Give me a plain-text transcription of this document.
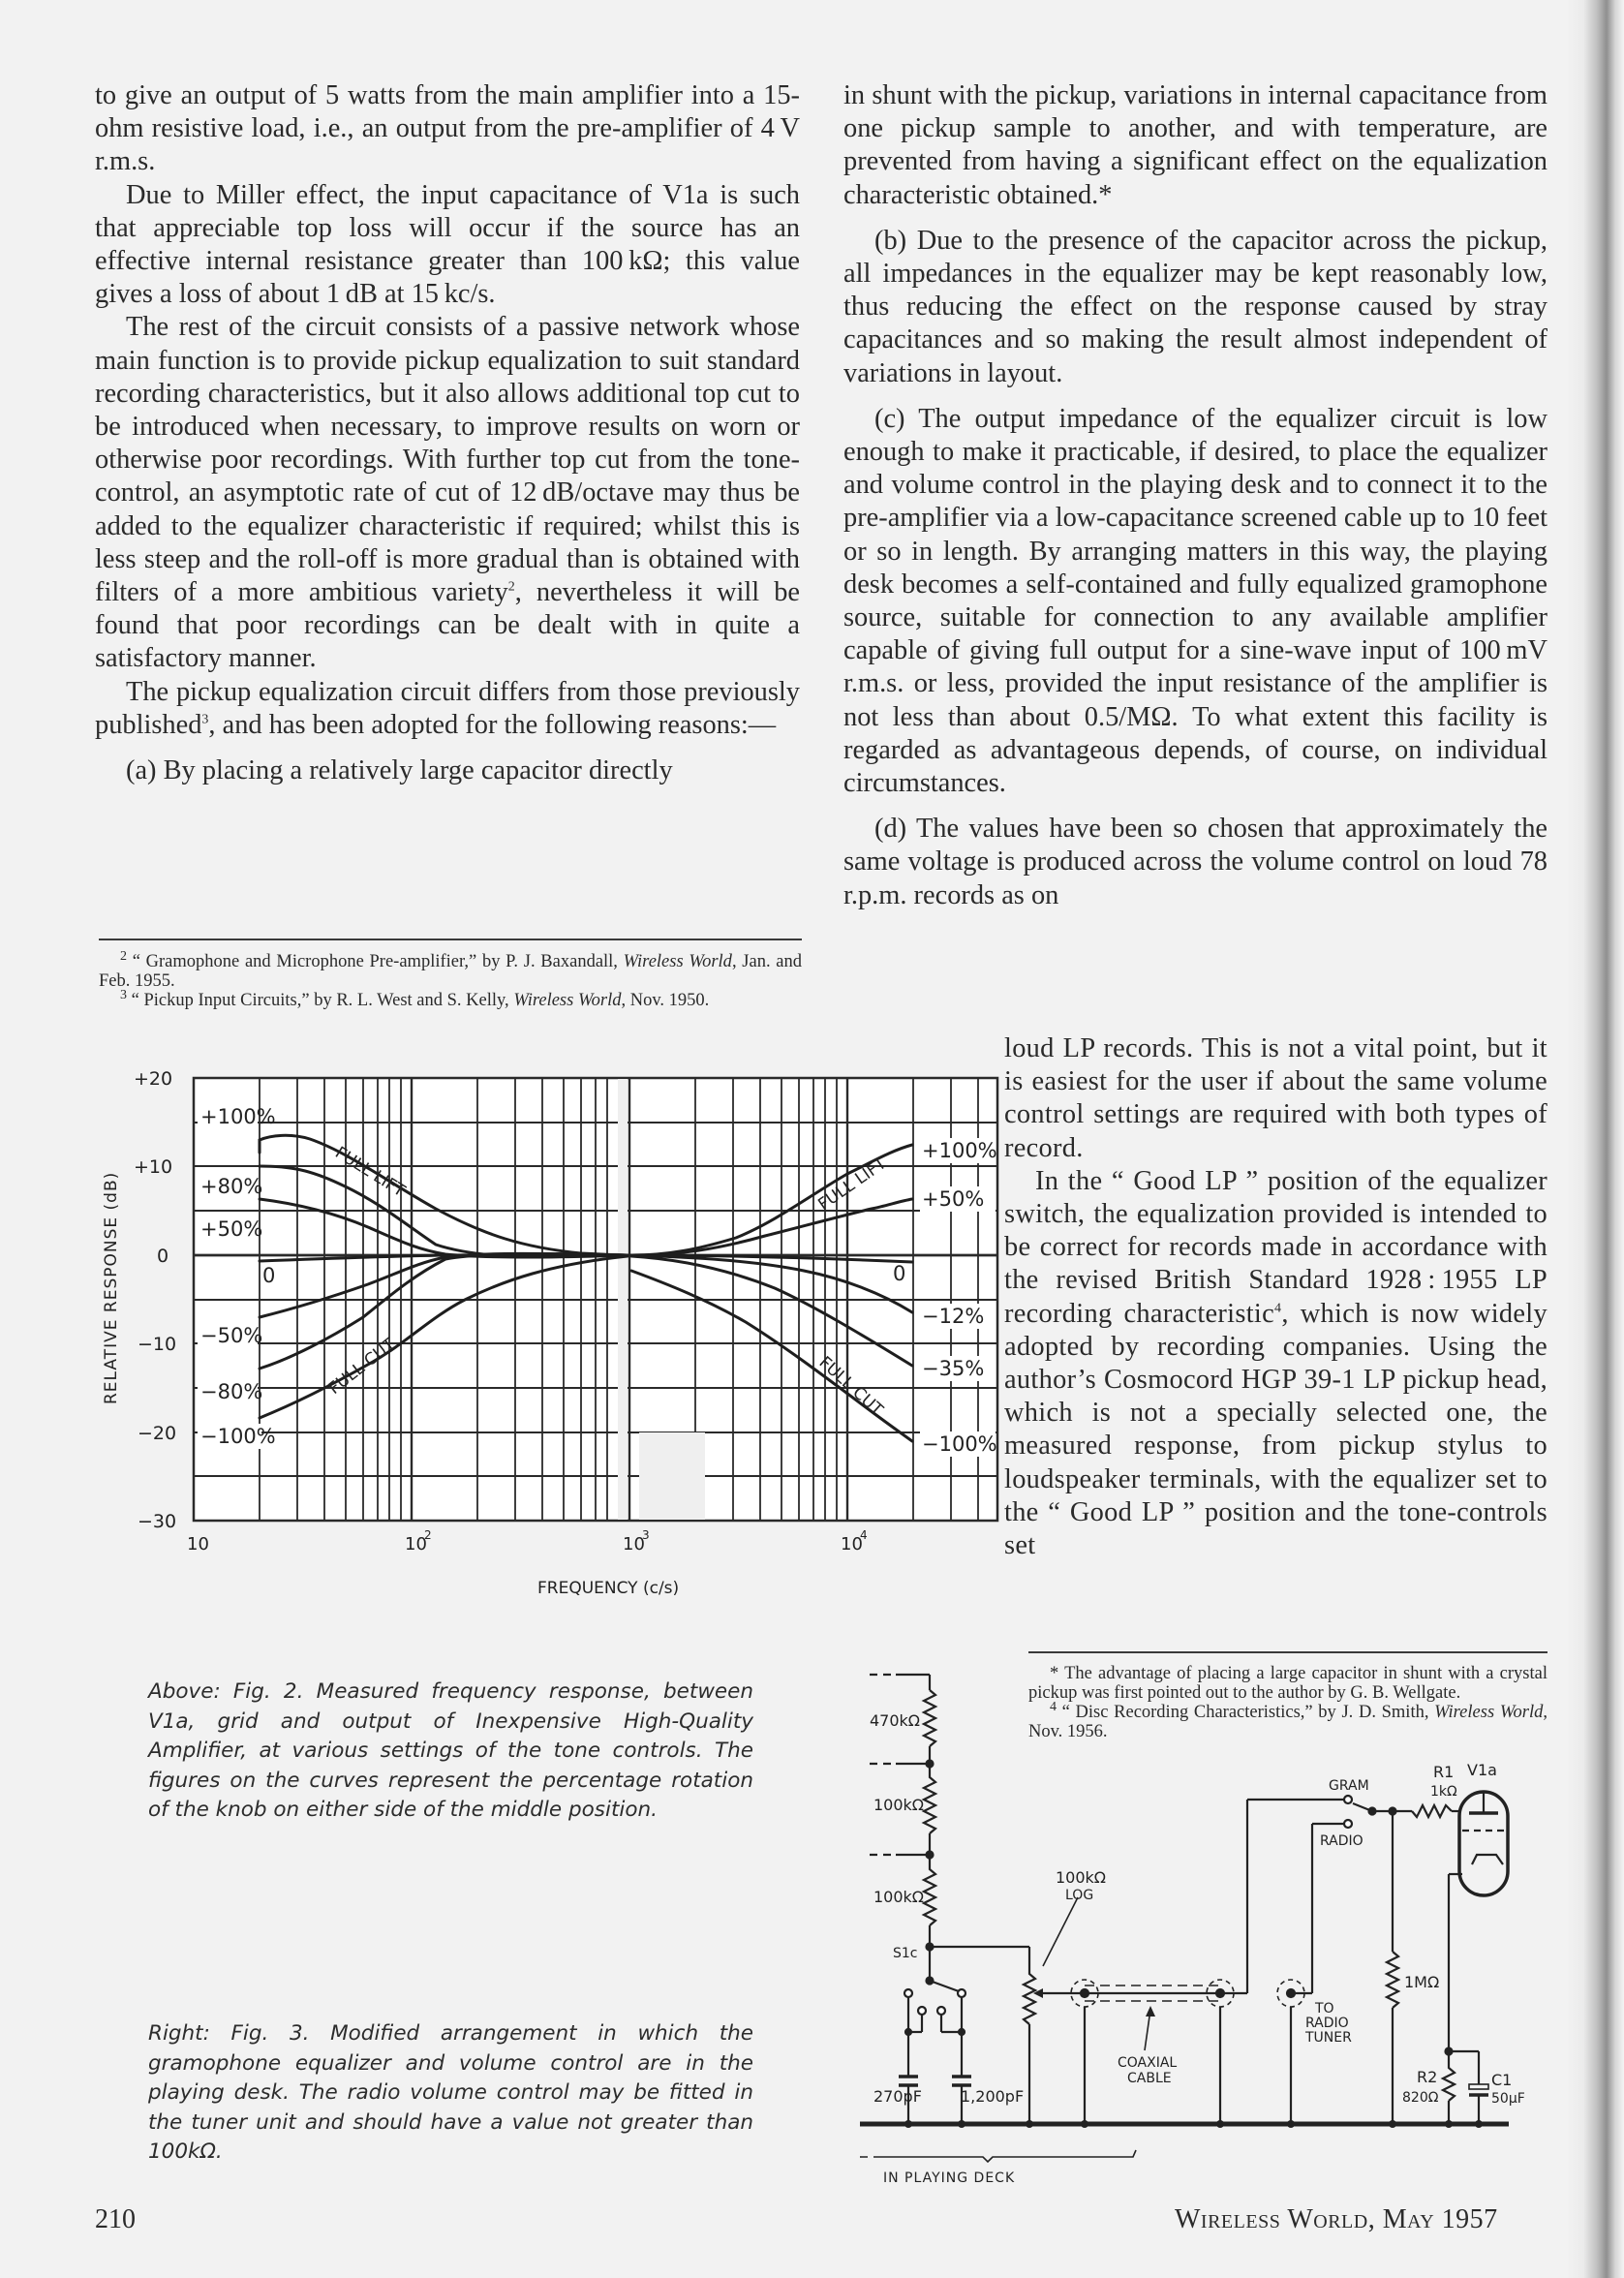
to give an output of 5 watts from the main amplifier into a 15-ohm resistive load, i.e., an output from the pre-amplifier of 4 V r.m.s.

Due to Miller effect, the input capacitance of V1a is such that appreciable top loss will occur if the source has an effective internal resistance greater than 100 kΩ; this value gives a loss of about 1 dB at 15 kc/s.

The rest of the circuit consists of a passive network whose main function is to provide pickup equalization to suit standard recording characteristics, but it also allows additional top cut to be introduced when necessary, to improve results on worn or otherwise poor recordings. With further top cut from the tone-control, an asymptotic rate of cut of 12 dB/octave may thus be added to the equalizer characteristic if required; whilst this is less steep and the roll-off is more gradual than is obtained with filters of a more ambitious variety$^2$, nevertheless it will be found that poor recordings can be dealt with in quite a satisfactory manner.

The pickup equalization circuit differs from those previously published$^3$, and has been adopted for the following reasons:—

(a) By placing a relatively large capacitor directly

$^2$ “ Gramophone and Microphone Pre-amplifier,” by P. J. Baxandall, Wireless World, Jan. and Feb. 1955.

$^3$ “ Pickup Input Circuits,” by R. L. West and S. Kelly, Wireless World, Nov. 1950.

in shunt with the pickup, variations in internal capacitance from one pickup sample to another, and with temperature, are prevented from having a significant effect on the equalization characteristic obtained.*

(b) Due to the presence of the capacitor across the pickup, all impedances in the equalizer may be kept reasonably low, thus reducing the effect on the response caused by stray capacitances and so making the result almost independent of variations in layout.

(c) The output impedance of the equalizer circuit is low enough to make it practicable, if desired, to place the equalizer and volume control in the playing desk and to connect it to the pre-amplifier via a low-capacitance screened cable up to 10 feet or so in length. By arranging matters in this way, the playing desk becomes a self-contained and fully equalized gramophone source, suitable for connection to any available amplifier capable of giving full output for a sine-wave input of 100 mV r.m.s. or less, provided the input resistance of the amplifier is not less than about 0.5/MΩ. To what extent this facility is regarded as advantageous depends, of course, on individual circumstances.

(d) The values have been so chosen that approximately the same voltage is produced across the volume control on loud 78 r.p.m. records as on

loud LP records. This is not a vital point, but it is easiest for the user if about the same volume control settings are required with both types of record.

In the “ Good LP ” position of the equalizer switch, the equalization provided is intended to be correct for records made in accordance with the revised British Standard 1928 : 1955 LP recording characteristic$^4$, which is now widely adopted by recording companies. Using the author’s Cosmocord HGP 39-1 LP pickup head, which is not a specially selected one, the measured response, from pickup stylus to loudspeaker terminals, with the equalizer set to the “ Good LP ” position and the tone-controls set

* The advantage of placing a large capacitor in shunt with a crystal pickup was first pointed out to the author by G. B. Wellgate.

$^4$ “ Disc Recording Characteristics,” by J. D. Smith, Wireless World, Nov. 1956.

+100%
+80%
+50%
0
−50%
−80%
−100%
+100%
+50%
0
−12%
−35%
−100%
FULL LIFT
FULL CUT
FULL LIFT
FULL CUT
+20
+10
0
−10
−20
−30
10	10
2	10
3	10
4
RELATIVE RESPONSE (dB)
FREQUENCY (c/s)
Above: Fig. 2. Measured frequency response, between V1a, grid and output of Inexpensive High-Quality Amplifier, at various settings of the tone controls. The figures on the curves represent the percentage rotation of the knob on either side of the middle position.
Right: Fig. 3. Modified arrangement in which the gramophone equalizer and volume control are in the playing desk. The radio volume control may be fitted in the tuner unit and should have a value not greater than 100kΩ.
470kΩ
100kΩ
100kΩ
S1c
100kΩ
LOG
270pF	1,200pF
COAXIAL
CABLE
GRAM
RADIO
TO
RADIO
TUNER
R1
1kΩ
V1a
1MΩ
R2
820Ω
C1
50μF
IN PLAYING DECK
210	Wireless World, May 1957
